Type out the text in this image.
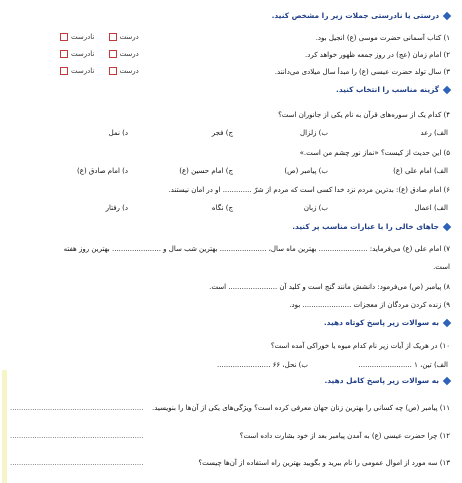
درستی یا نادرستی جملات زیر را مشخص کنید.
۱) کتاب آسمانی حضرت موسی (ع) انجیل بود.
نادرست	درست
۲) امام زمان (عج) در روز جمعه ظهور خواهد کرد.
نادرست	درست
۳) سال تولد حضرت عیسی (ع) را مبدأ سال میلادی می‌دانند.
نادرست	درست
گزینه مناسب را انتخاب کنید.
۴) کدام یک از سوره‌های قرآن به نام یکی از جانوران است؟
الف) رعد
ب) زلزال
ج) فجر
د) نمل
۵) این حدیث از کیست؟ «نماز نور چشم من است.»
الف) امام علی (ع)
ب) پیامبر (ص)
ج) امام حسین (ع)
د) امام صادق (ع)
۶) امام صادق (ع): بدترین مردم نزد خدا کسی است که مردم از شرّ ............. او در امان نیستند.
الف) اعمال
ب) زبان
ج) نگاه
د) رفتار
جاهای خالی را با عبارات مناسب پر کنید.
۷) امام علی (ع) می‌فرماید: ...................... بهترین ماه سال، ..................... بهترین شب سال و ...................... بهترین روز هفته
است.
۸) پیامبر (ص) می‌فرمود: دانشش مانند گنج است و کلید آن ...................... است.
۹) زنده کردن مردگان از معجزات ...................... بود.
به سوالات زیر پاسخ کوتاه دهید.
۱۰) در هریک از آیات زیر نام کدام میوه یا خوراکی آمده است؟
الف) تین، ۱ ........................
ب) نحل، ۶۶ ........................
به سوالات زیر پاسخ کامل دهید.
۱۱) پیامبر (ص) چه کسانی را بهترین زنان جهان معرفی کرده است؟ ویژگی‌های یکی از آن‌ها را بنویسید.
............................................................
۱۲) چرا حضرت عیسی (ع) به آمدن پیامبر بعد از خود بشارت داده است؟
............................................................
۱۳) سه مورد از اموال عمومی را نام ببرید و بگویید بهترین راه استفاده از آن‌ها چیست؟
............................................................
